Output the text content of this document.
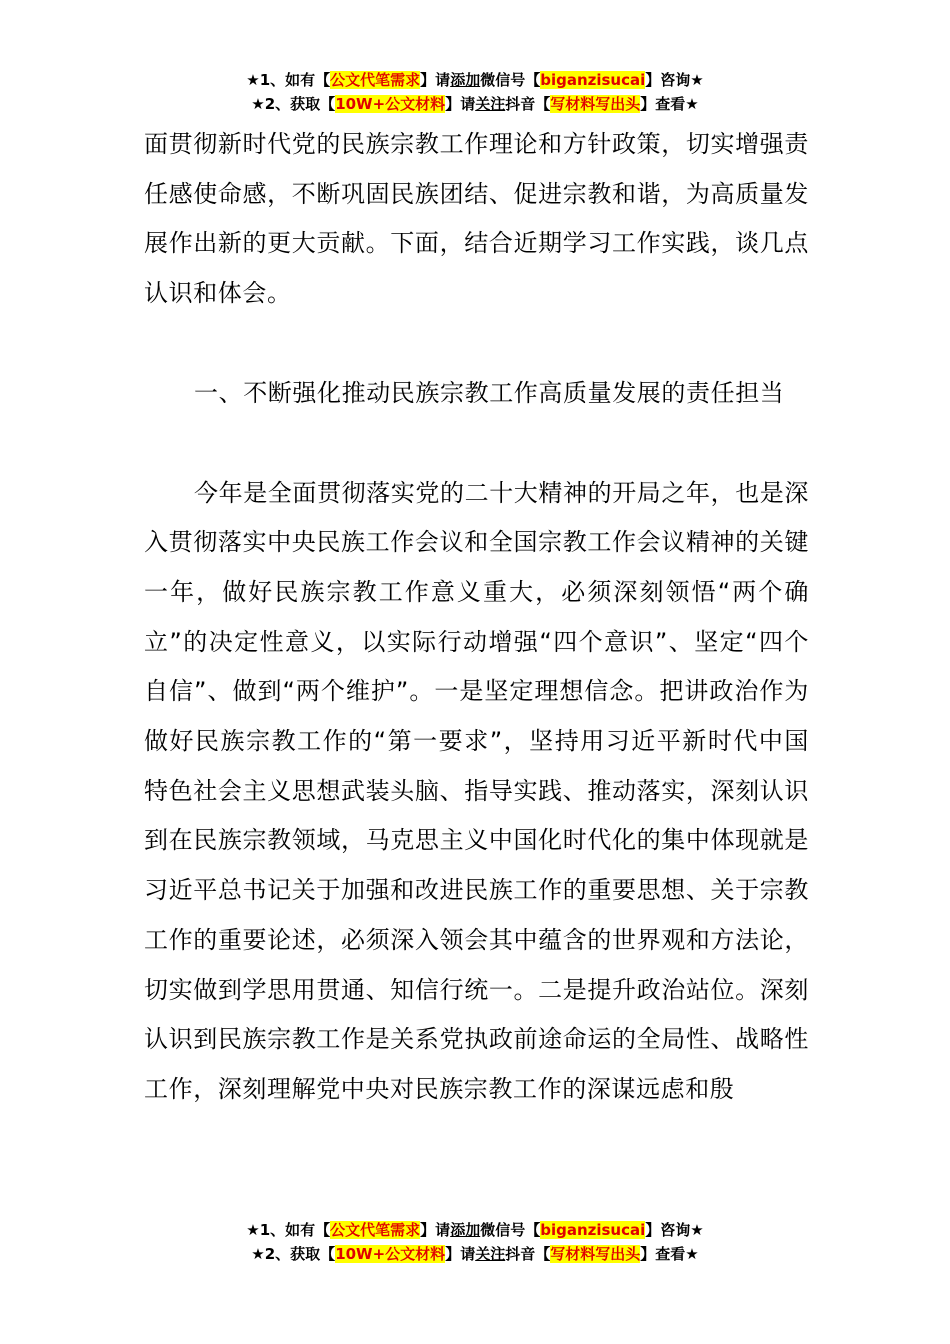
★1、如有【公文代笔需求】请添加微信号【biganzisucai】咨询★
★2、获取【10W+公文材料】请关注抖音【写材料写出头】查看★

面贯彻新时代党的民族宗教工作理论和方针政策，切实增强责任感使命感，不断巩固民族团结、促进宗教和谐，为高质量发展作出新的更大贡献。下面，结合近期学习工作实践，谈几点认识和体会。

一、不断强化推动民族宗教工作高质量发展的责任担当

今年是全面贯彻落实党的二十大精神的开局之年，也是深入贯彻落实中央民族工作会议和全国宗教工作会议精神的关键一年，做好民族宗教工作意义重大，必须深刻领悟“两个确立”的决定性意义，以实际行动增强“四个意识”、坚定“四个自信”、做到“两个维护”。一是坚定理想信念。把讲政治作为做好民族宗教工作的“第一要求”，坚持用习近平新时代中国特色社会主义思想武装头脑、指导实践、推动落实，深刻认识到在民族宗教领域，马克思主义中国化时代化的集中体现就是习近平总书记关于加强和改进民族工作的重要思想、关于宗教工作的重要论述，必须深入领会其中蕴含的世界观和方法论，切实做到学思用贯通、知信行统一。二是提升政治站位。深刻认识到民族宗教工作是关系党执政前途命运的全局性、战略性工作，深刻理解党中央对民族宗教工作的深谋远虑和殷

★1、如有【公文代笔需求】请添加微信号【biganzisucai】咨询★
★2、获取【10W+公文材料】请关注抖音【写材料写出头】查看★
